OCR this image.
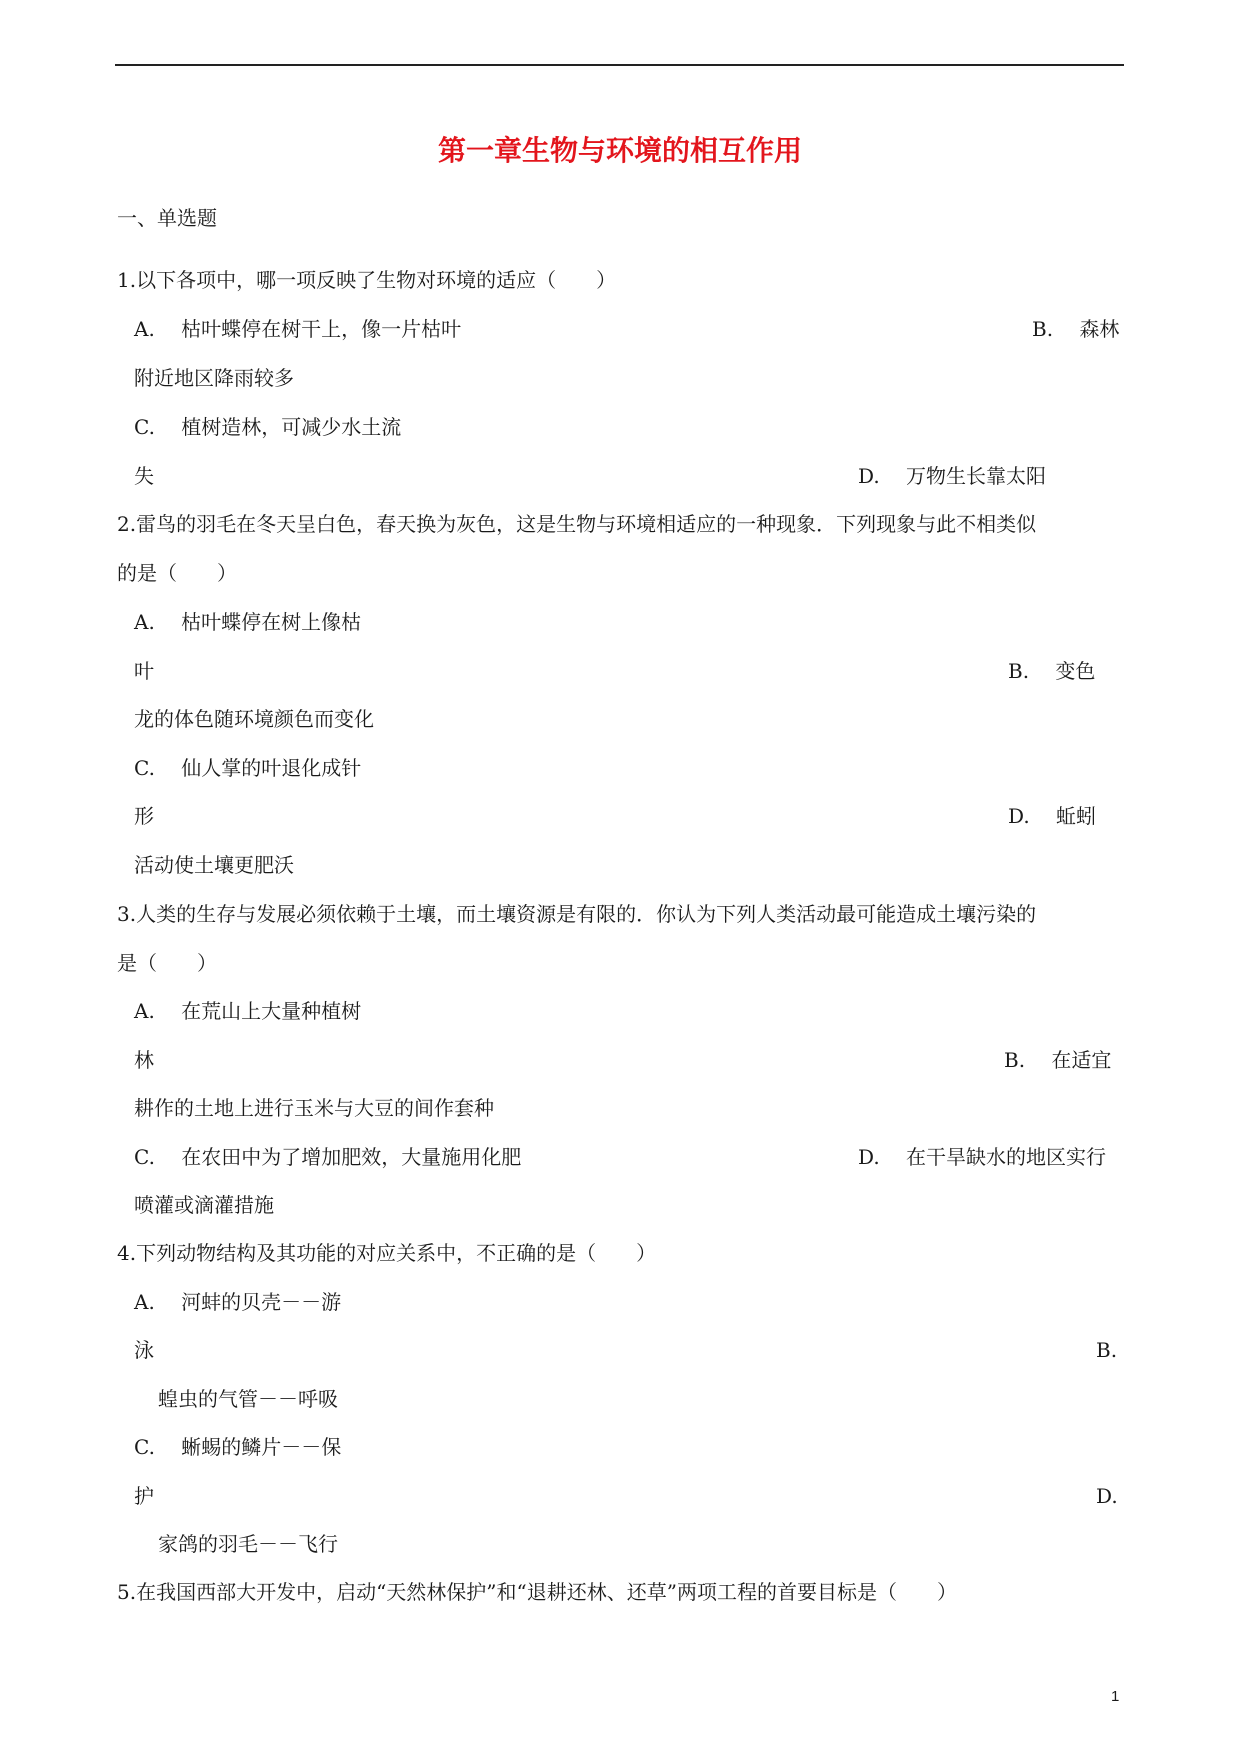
第一章生物与环境的相互作用
一、单选题
1.以下各项中，哪一项反映了生物对环境的适应（　　）
A.　 枯叶蝶停在树干上，像一片枯叶	B.　 森林
附近地区降雨较多
C.　 植树造林，可减少水土流
失	D.　 万物生长靠太阳
2.雷鸟的羽毛在冬天呈白色，春天换为灰色，这是生物与环境相适应的一种现象．下列现象与此不相类似
的是（　　）
A.　 枯叶蝶停在树上像枯
叶	B.　 变色
龙的体色随环境颜色而变化
C.　 仙人掌的叶退化成针
形	D.　 蚯蚓
活动使土壤更肥沃
3.人类的生存与发展必须依赖于土壤，而土壤资源是有限的．你认为下列人类活动最可能造成土壤污染的
是（　　）
A.　 在荒山上大量种植树
林	B.　 在适宜
耕作的土地上进行玉米与大豆的间作套种
C.　 在农田中为了增加肥效，大量施用化肥	D.　 在干旱缺水的地区实行
喷灌或滴灌措施
4.下列动物结构及其功能的对应关系中，不正确的是（　　）
A.　 河蚌的贝壳－－游
泳	B.
蝗虫的气管－－呼吸
C.　 蜥蜴的鳞片－－保
护	D.
家鸽的羽毛－－飞行
5.在我国西部大开发中，启动“天然林保护”和“退耕还林、还草”两项工程的首要目标是（　　）
1
